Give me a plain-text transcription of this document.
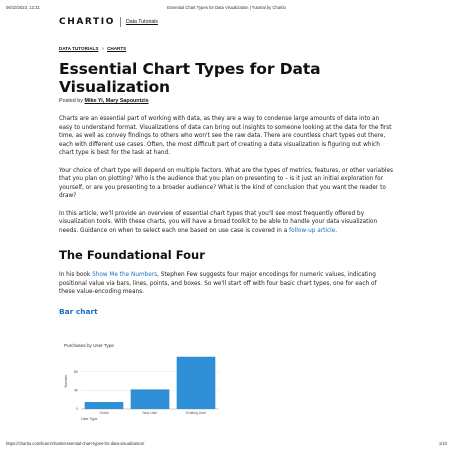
06/10/2023, 12:31	Essential Chart Types for Data Visualization | Tutorial by Chartio
CHARTIO	Data Tutorials
DATA TUTORIALS > CHARTS
Essential Chart Types for Data Visualization
Posted by Mike Yi, Mary Sapountzis

Charts are an essential part of working with data, as they are a way to condense large amounts of data into an easy to understand format. Visualizations of data can bring out insights to someone looking at the data for the first time, as well as convey findings to others who won't see the raw data. There are countless chart types out there, each with different use cases. Often, the most difficult part of creating a data visualization is figuring out which chart type is best for the task at hand.

Your choice of chart type will depend on multiple factors. What are the types of metrics, features, or other variables that you plan on plotting? Who is the audience that you plan on presenting to – is it just an initial exploration for yourself, or are you presenting to a broader audience? What is the kind of conclusion that you want the reader to draw?

In this article, we'll provide an overview of essential chart types that you'll see most frequently offered by visualization tools. With these charts, you will have a broad toolkit to be able to handle your data visualization needs. Guidance on when to select each one based on use case is covered in a follow-up article.

The Foundational Four

In his book Show Me the Numbers, Stephen Few suggests four major encodings for numeric values, indicating positional value via bars, lines, points, and boxes. So we'll start off with four basic chart types, one for each of these value-encoding means.

Bar chart
Purchases by User Type
0
4K
8K
Guest	New User	Existing User
Number
User Type
https://chartio.com/learn/charts/essential-chart-types-for-data-visualization/	1/10
